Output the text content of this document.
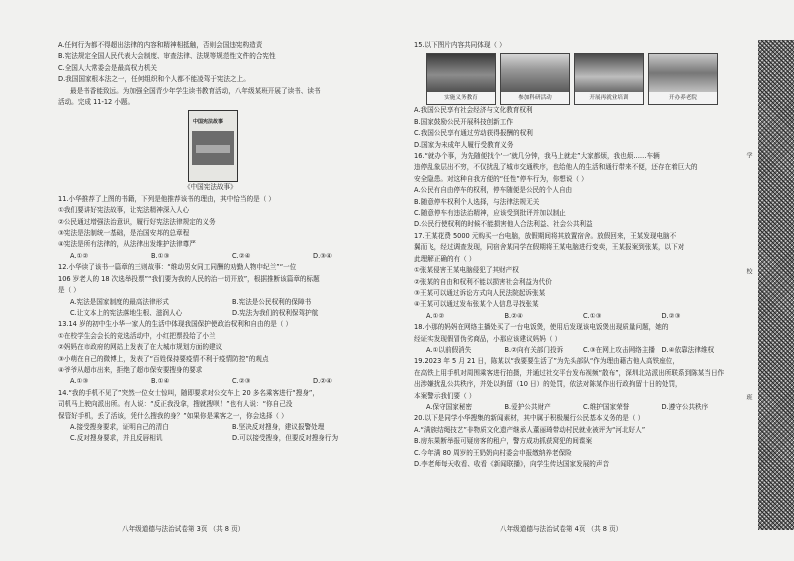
A.任何行为都不得超出法律的内容和精神相抵触，否则会国违宪构造责
B.宪法规定全国人民代表大会制度、审查法律、法规等规范性文件的合宪性
C.全国人大常委会是最高权力机关
D.我国国家根本法之一，任何组织和个人都不能凌驾于宪法之上。
最是书香能致远。为加强全国青少年学生读书教育活动，八年级某班开展了读书、读书
活动。完成 11-12 小题。
中国宪法故事
《中国宪法故事》
11.小华推荐了上图的书籍，下列是他推荐该书的理由，其中恰当的是（ ）
①我们要讲好宪法故事，让宪法精神深入人心
②公民通过增强法治意识，履行好宪法法律规定的义务
③宪法是法制统一基础，是治国安邦的总章程
④宪法是所有法律的，从法律出发维护法律尊严
A.①②	B.①③	C.②④	D.③④
12.小华读了该书一篇章的三则故事：“维动男女同工同酬的劝勤人物申纪兰”“一位
106 岁老人的 18 次选举投票”“我们要为我的人民的治一切开放”，根据推断该篇章的标题
是（ ）
A.宪法是国家制度的最高法律形式	B.宪法是公民权利的保障书
C.让文本上的宪法落地生根、滋润人心	D.宪法为我们的权利保驾护航
13.14 岁的初中生小华一家人的生活中体现我国保护使政治权利和自由的是（ ）
①在校学生会会长的竞选活动中，小红把票投给了小兰
②妈妈在市政府的网站上发表了在大城市规划方面的建议
③小萌在自己的微博上，发表了“百姓保持要疫情不利于疫情防控”的观点
④爷爷从超市出来，拒绝了超市保安要搜身的要求
A.①③	B.①④	C.②③	D.②④
14.“我的手机不见了”突然一位女士惊叫，随即要求对公交车上 20 多名乘客进行“搜身”，
司机马上驶向派出所。有人说：“反正我没拿，搜就搜呗！”也有人说：“你自己没
保管好手机，丢了活该，凭什么搜我的身？”如果你是乘客之一，你会选择（ ）
A.接受搜身要求，证明自己的清白	B.坚决反对搜身，建议报警处理
C.反对搜身要求，并且反唇相讥	D.可以接受搜身，但要反对搜身行为
15.以下图片内容共同体现（ ）
实施义务教育	参加科研活动	开展再就业培训	开办养老院
A.我国公民享有社会经济与文化教育权利
B.国家鼓励公民开展科技创新工作
C.我国公民享有通过劳动获得报酬的权利
D.国家为未成年人履行受教育义务
16.“就办个事，为先随便找个‘一’就几分钟，我马上就走”大家都烦，我也烦……车辆
违停乱象层出不穷，不仅扰乱了城市交通秩序，也给他人的生活和通行带来不便，还存在着巨大的
安全隐患。对这种自我方便的“任性”停车行为，你想说（ ）
A.公民有自由停车的权利，停车随便是公民的个人自由
B.随意停车权利个人选择，与法律法规无关
C.随意停车有违法治精神，应该受到批评并加以制止
D.公民行使权利的时候不能损害他人合法利益、社会公共利益
17.王某花费 5000 元购买一台电脑，放假期间将其放置宿舍。放假回来，王某发现电脑不
翼而飞，经过调查发现，同宿舍某同学在假期将王某电脑进行变卖，王某报案到张某，以下对
此理解正确的有（ ）
①张某侵害王某电脑侵犯了其财产权
②张某的自由和权利不能以损害社会利益为代价
③王某可以通过诉讼方式向人民法院起诉张某
④王某可以通过发布张某个人信息寻找张某
A.①②	B.②④	C.①③	D.②③
18.小那的妈妈在网络主播处买了一台电饭煲，使用后发现该电饭煲出现质量问题，她的
经证实发现假冒伪劣商品，小那应该建议妈妈（ ）
A.①以前假消失	B.②向有关部门投诉	C.③在网上攻击网络主播 D.④依靠法律维权
19.2023 年 5 月 21 日，陈某以“我要要生活了”为先头部队“作为理由藉古他人高铁座位，
在高铁上用手机对周围乘客进行拍摄，并通过社交平台发布视频“散布”，深圳北站派出所联系到陈某当日作
出涉嫌扰乱公共秩序，并处以拘留（10 日）的处罚，依法对陈某作出行政拘留十日的处罚，
本案警示我们要（ ）
A.保守国家秘密	B.爱护公共财产	C.维护国家荣誉	D.遵守公共秩序
20.以下是同学小华搜集的新闻素材，其中属于积极履行公民基本义务的是（ ）
A.“满族结绳技艺”非物质文化遗产继承人董丽琦带动村民就业被评为“河北好人”
B.房东果断举报可疑房客的租户，警方成功抓获窝犯的间谍案
C.今年满 80 周岁的王奶奶向村委会申报缴纳养老保险
D.李老师每天收看、收看《新闻联播》，向学生传达国家发展的声音
八年级道德与法治试卷第 3页 （共 8 页）	八年级道德与法治试卷第 4页 （共 8 页）
学
校
班
